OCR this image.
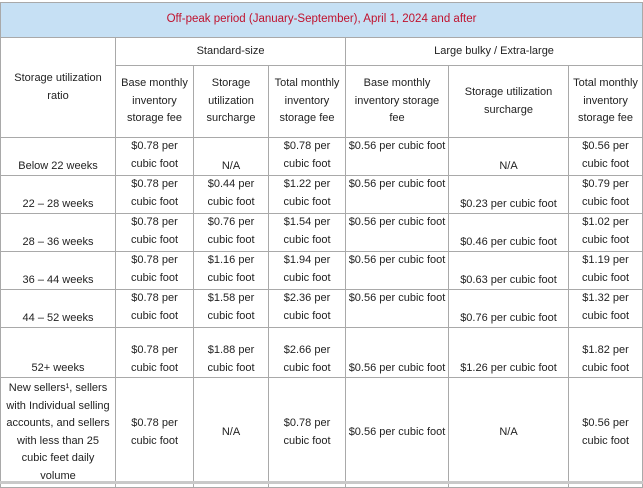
Off-peak period (January-September), April 1, 2024 and after						
Storage utilization ratio	Standard-size			Large bulky / Extra-large		
	Base monthly inventory storage fee	Storage utilization surcharge	Total monthly inventory storage fee	Base monthly inventory storage fee	Storage utilization surcharge	Total monthly inventory storage fee
Below 22 weeks	$0.78 per cubic foot	N/A	$0.78 per cubic foot	$0.56 per cubic foot	N/A	$0.56 per cubic foot
22 – 28 weeks	$0.78 per cubic foot	$0.44 per cubic foot	$1.22 per cubic foot	$0.56 per cubic foot	$0.23 per cubic foot	$0.79 per cubic foot
28 – 36 weeks	$0.78 per cubic foot	$0.76 per cubic foot	$1.54 per cubic foot	$0.56 per cubic foot	$0.46 per cubic foot	$1.02 per cubic foot
36 – 44 weeks	$0.78 per cubic foot	$1.16 per cubic foot	$1.94 per cubic foot	$0.56 per cubic foot	$0.63 per cubic foot	$1.19 per cubic foot
44 – 52 weeks	$0.78 per cubic foot	$1.58 per cubic foot	$2.36 per cubic foot	$0.56 per cubic foot	$0.76 per cubic foot	$1.32 per cubic foot
52+ weeks	$0.78 per cubic foot	$1.88 per cubic foot	$2.66 per cubic foot	$0.56 per cubic foot	$1.26 per cubic foot	$1.82 per cubic foot
New sellers¹, sellers with Individual selling accounts, and sellers with less than 25 cubic feet daily volume	$0.78 per cubic foot	N/A	$0.78 per cubic foot	$0.56 per cubic foot	N/A	$0.56 per cubic foot
